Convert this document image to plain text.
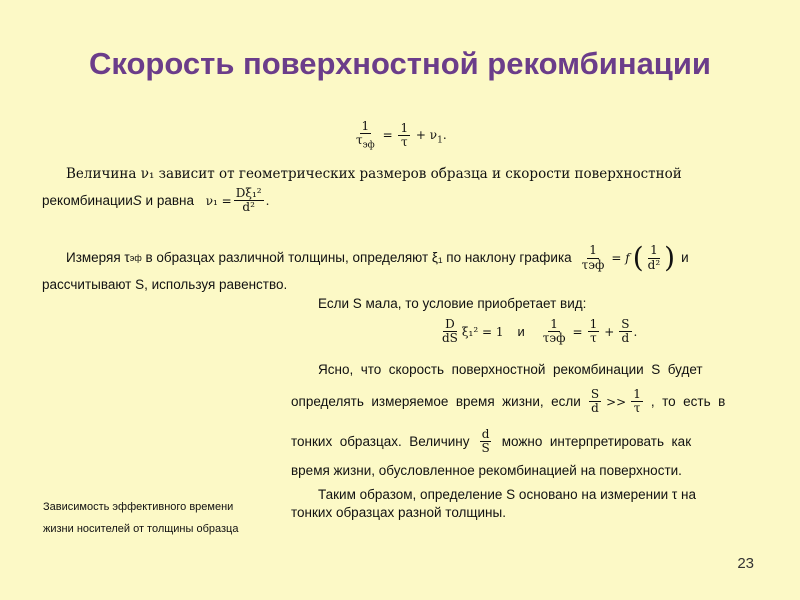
Скорость поверхностной рекомбинации
$\frac{1}{\tau_{эф}} = \frac{1}{\tau} + \nu_1$.
Величина ν₁ зависит от геометрических размеров образца и скорости поверхностной
рекомбинации S и равна $\nu_1 = \frac{\text{Dξ₁²}}{\text{d²}}$ .
Измеряя τ эф в образцах различной толщины, определяют ξ₁ по наклону графика $\frac{1}{\text{τэф}} = f$ ( $\frac{1}{\text{d²}}$ ) и
рассчитывают S, используя равенство.
Если S мала, то условие приобретает вид:
$\frac{D}{dS} \xi_1^2 = 1$ и $\frac{1}{\text{τэф}} = \frac{1}{\tau} + \frac{S}{d}$ .
Ясно,  что  скорость  поверхностной  рекомбинации  S  будет
определять  измеряемое  время  жизни,  если $\frac{S}{d} >> \frac{1}{\tau}$ ,  то  есть  в
тонких  образцах.  Величину $\frac{d}{S}$ можно  интерпретировать  как
время жизни, обусловленное рекомбинацией на поверхности.
Таким образом, определение S основано на измерении τ на
тонких образцах разной толщины.
Зависимость эффективного времени
жизни носителей от толщины образца
23
